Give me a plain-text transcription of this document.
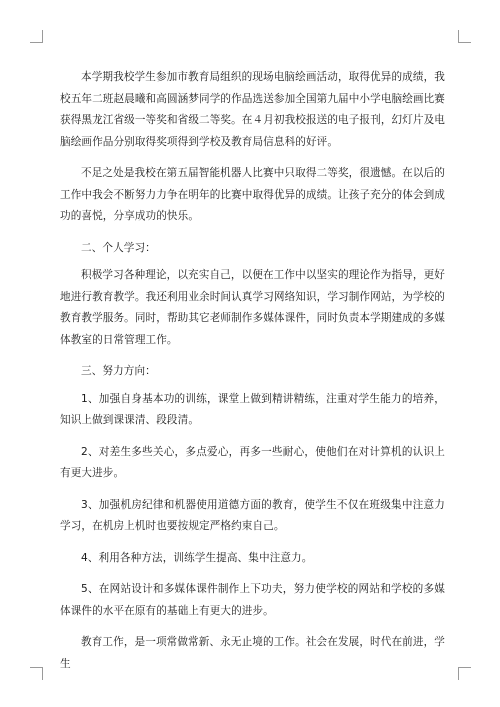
本学期我校学生参加市教育局组织的现场电脑绘画活动，取得优异的成绩，我校五年二班赵晨曦和高圆涵梦同学的作品选送参加全国第九届中小学电脑绘画比赛获得黑龙江省级一等奖和省级二等奖。在４月初我校报送的电子报刊，幻灯片及电脑绘画作品分别取得奖项得到学校及教育局信息科的好评。

不足之处是我校在第五届智能机器人比赛中只取得二等奖，很遗憾。在以后的工作中我会不断努力力争在明年的比赛中取得优异的成绩。让孩子充分的体会到成功的喜悦，分享成功的快乐。

二、个人学习：

积极学习各种理论，以充实自己，以便在工作中以坚实的理论作为指导，更好地进行教育教学。我还利用业余时间认真学习网络知识，学习制作网站，为学校的教育教学服务。同时，帮助其它老师制作多媒体课件，同时负责本学期建成的多媒体教室的日常管理工作。

三、努力方向：

1、加强自身基本功的训练，课堂上做到精讲精练，注重对学生能力的培养，知识上做到课课清、段段清。

2、对差生多些关心，多点爱心，再多一些耐心，使他们在对计算机的认识上有更大进步。

3、加强机房纪律和机器使用道德方面的教育，使学生不仅在班级集中注意力学习，在机房上机时也要按规定严格约束自己。

4、利用各种方法，训练学生提高、集中注意力。

5、在网站设计和多媒体课件制作上下功夫，努力使学校的网站和学校的多媒体课件的水平在原有的基础上有更大的进步。

教育工作，是一项常做常新、永无止境的工作。社会在发展，时代在前进，学生
